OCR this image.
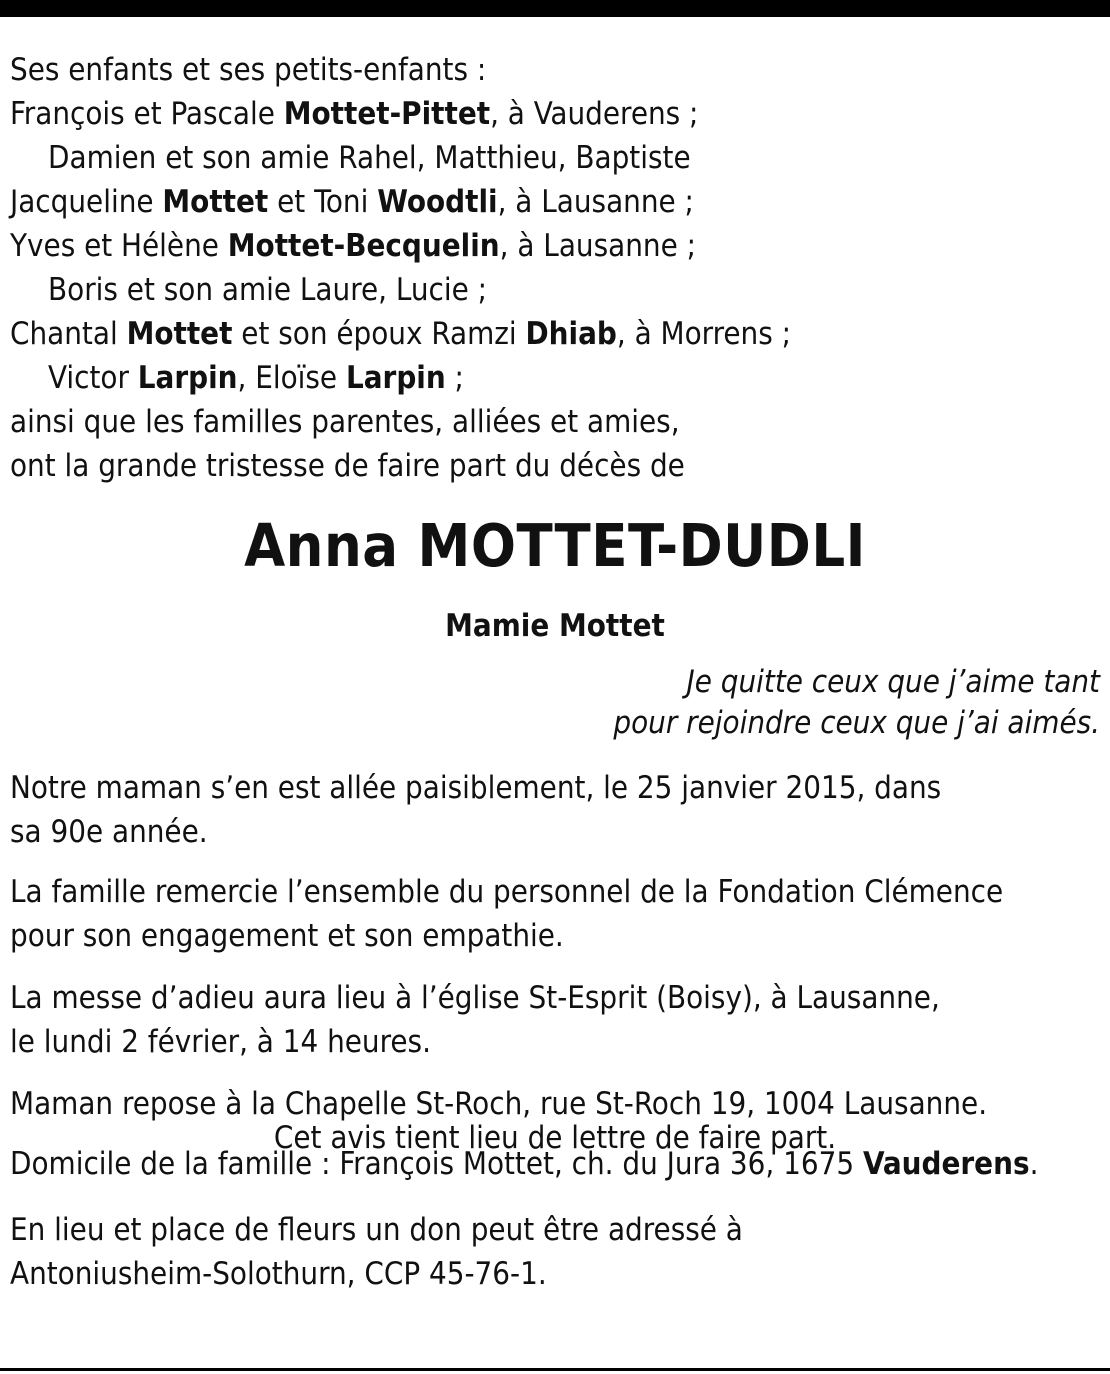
Ses enfants et ses petits-enfants :
François et Pascale Mottet-Pittet, à Vauderens ;
Damien et son amie Rahel, Matthieu, Baptiste
Jacqueline Mottet et Toni Woodtli, à Lausanne ;
Yves et Hélène Mottet-Becquelin, à Lausanne ;
Boris et son amie Laure, Lucie ;
Chantal Mottet et son époux Ramzi Dhiab, à Morrens ;
Victor Larpin, Eloïse Larpin ;
ainsi que les familles parentes, alliées et amies,
ont la grande tristesse de faire part du décès de
Anna MOTTET-DUDLI
Mamie Mottet
Je quitte ceux que j’aime tant
pour rejoindre ceux que j’ai aimés.
Notre maman s’en est allée paisiblement, le 25 janvier 2015, dans
sa 90e année.
La famille remercie l’ensemble du personnel de la Fondation Clémence
pour son engagement et son empathie.
La messe d’adieu aura lieu à l’église St-Esprit (Boisy), à Lausanne,
le lundi 2 février, à 14 heures.
Maman repose à la Chapelle St-Roch, rue St-Roch 19, 1004 Lausanne.
Domicile de la famille : François Mottet, ch. du Jura 36, 1675 Vauderens.
En lieu et place de fleurs un don peut être adressé à
Antoniusheim-Solothurn, CCP 45-76-1.
Cet avis tient lieu de lettre de faire part.
